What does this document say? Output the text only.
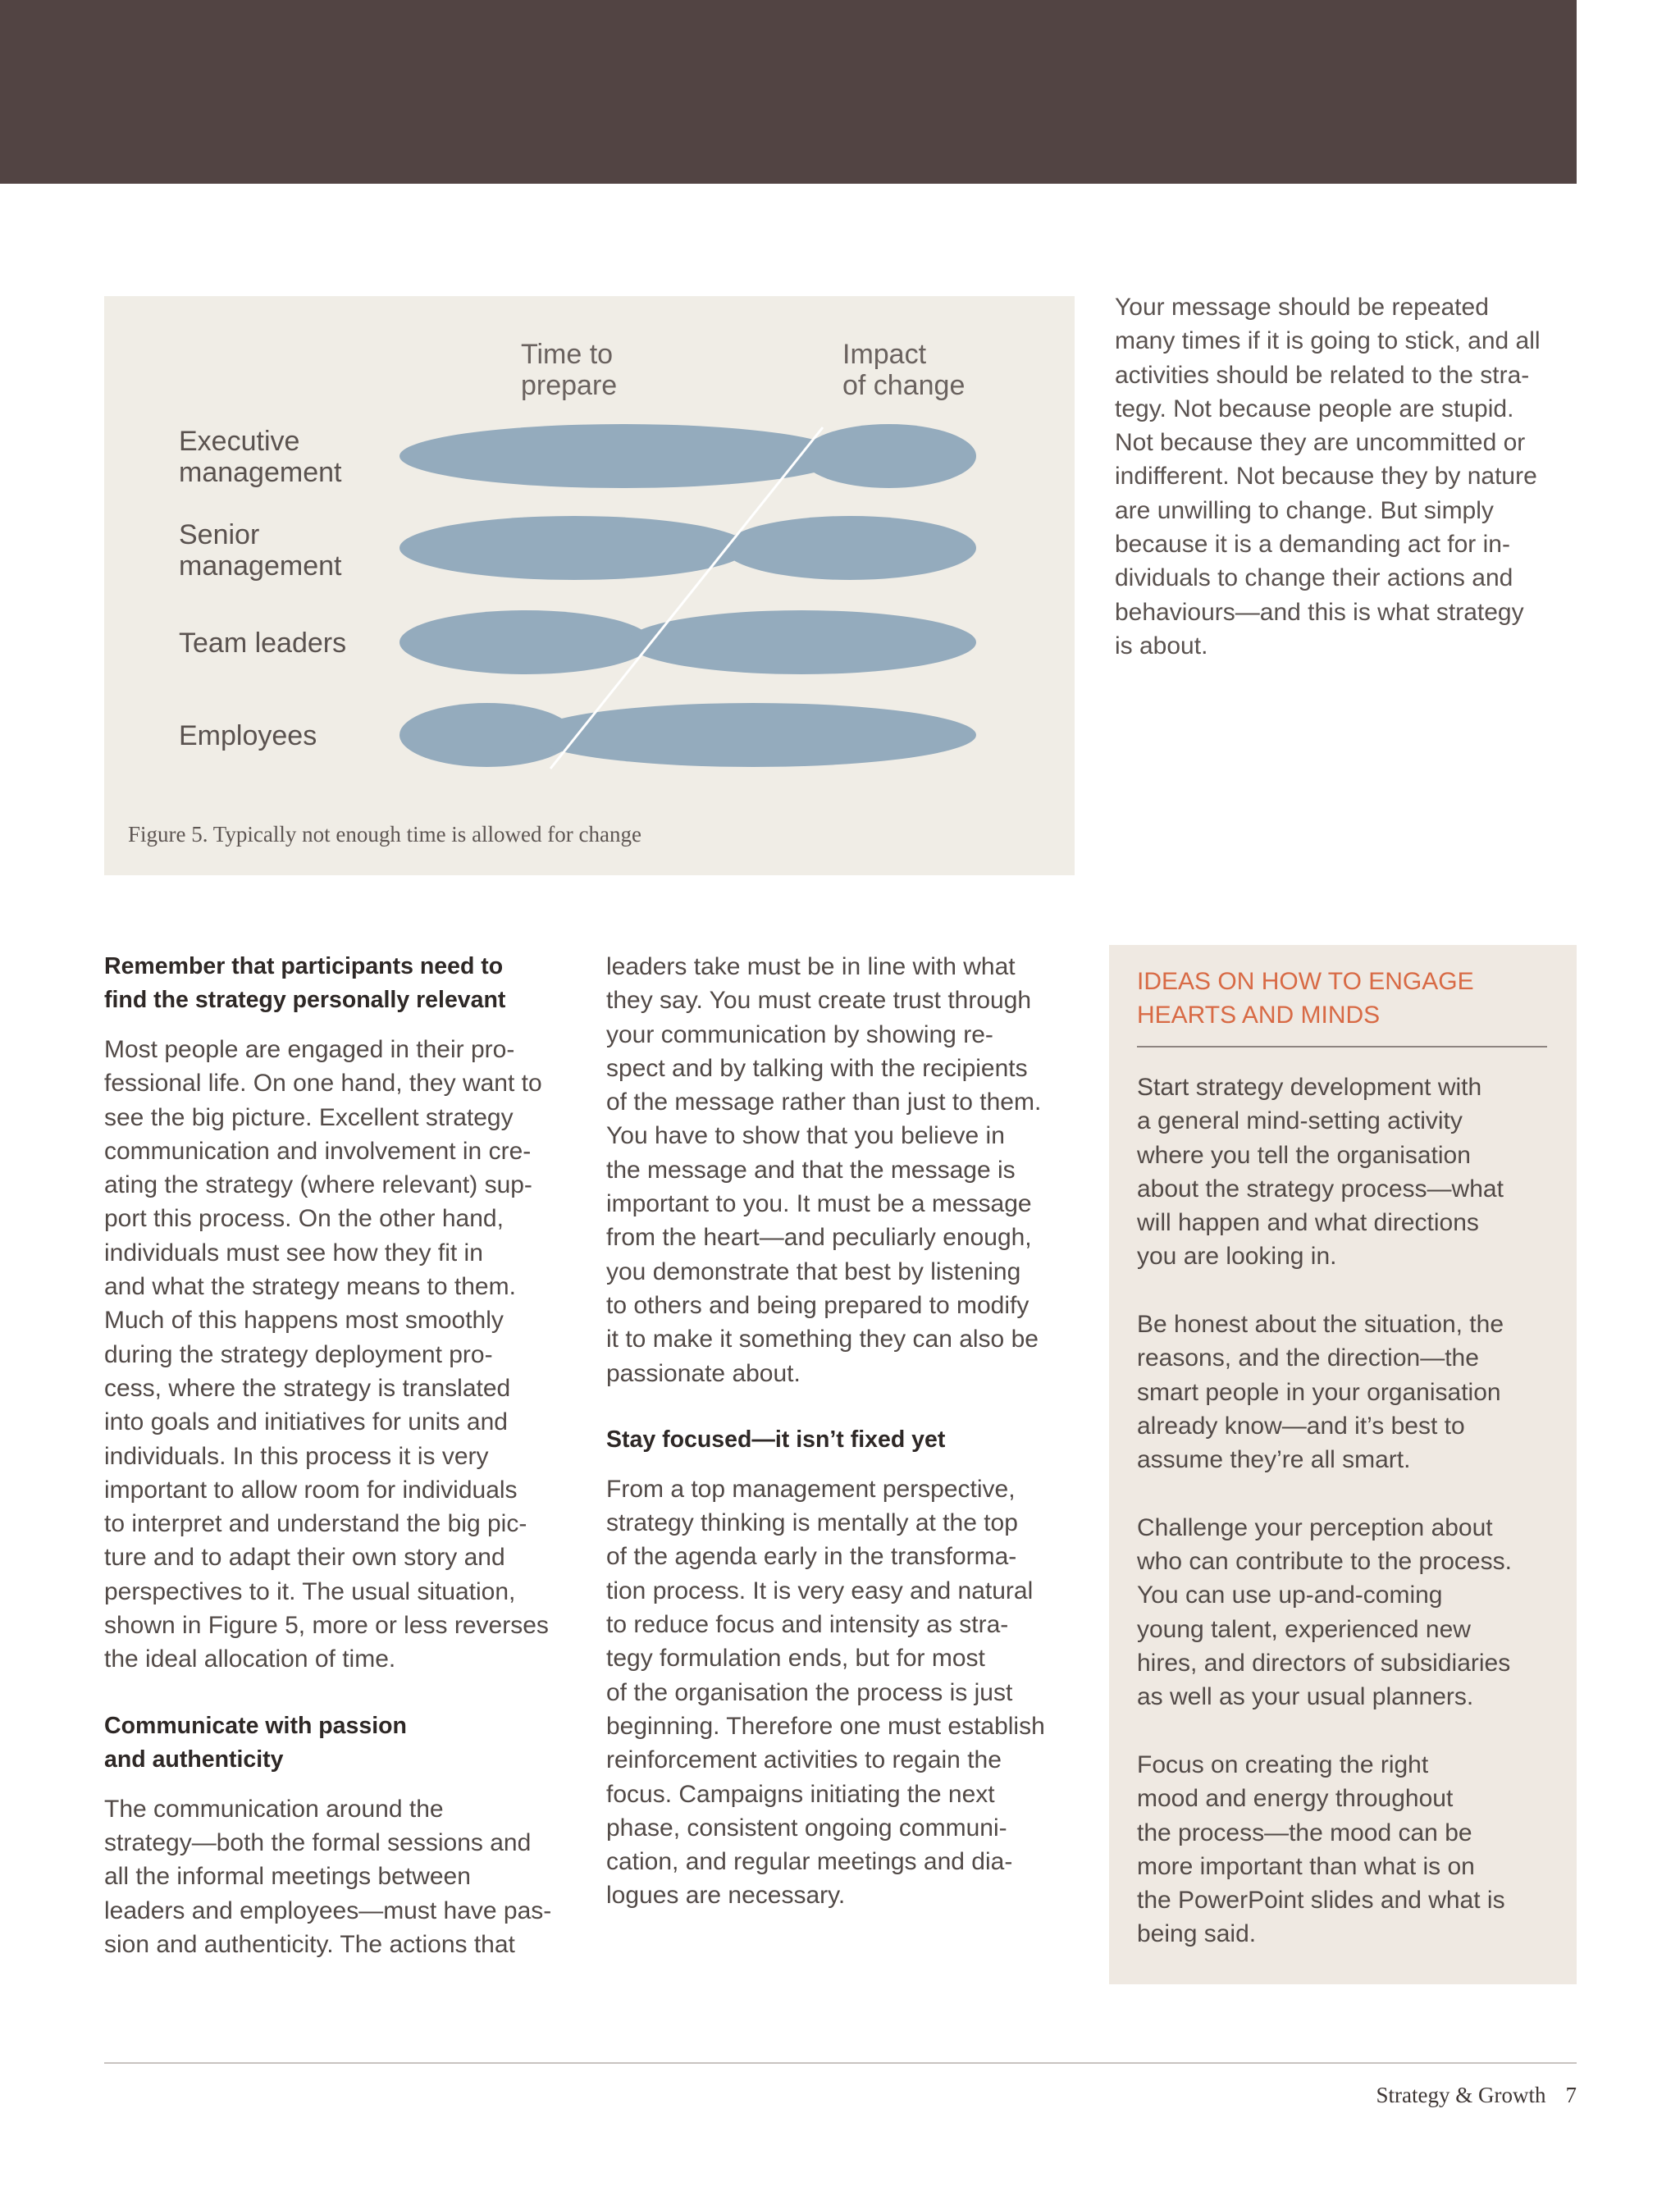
Time to
prepare
Impact
of change
Executive
management
Senior
management
Team leaders
Employees
Figure 5. Typically not enough time is allowed for change

Your message should be repeated
many times if it is going to stick, and all
activities should be related to the stra-
tegy. Not because people are stupid.
Not because they are uncommitted or
indifferent. Not because they by nature
are unwilling to change. But simply
because it is a demanding act for in-
dividuals to change their actions and
behaviours—and this is what strategy
is about.

Remember that participants need to
find the strategy personally relevant

Most people are engaged in their pro-
fessional life. On one hand, they want to
see the big picture. Excellent strategy
communication and involvement in cre-
ating the strategy (where relevant) sup-
port this process. On the other hand,
individuals must see how they fit in
and what the strategy means to them.
Much of this happens most smoothly
during the strategy deployment pro-
cess, where the strategy is translated
into goals and initiatives for units and
individuals. In this process it is very
important to allow room for individuals
to interpret and understand the big pic-
ture and to adapt their own story and
perspectives to it. The usual situation,
shown in Figure 5, more or less reverses
the ideal allocation of time.

Communicate with passion
and authenticity

The communication around the
strategy—both the formal sessions and
all the informal meetings between
leaders and employees—must have pas-
sion and authenticity. The actions that

leaders take must be in line with what
they say. You must create trust through
your communication by showing re-
spect and by talking with the recipients
of the message rather than just to them.
You have to show that you believe in
the message and that the message is
important to you. It must be a message
from the heart—and peculiarly enough,
you demonstrate that best by listening
to others and being prepared to modify
it to make it something they can also be
passionate about.

Stay focused—it isn’t fixed yet

From a top management perspective,
strategy thinking is mentally at the top
of the agenda early in the transforma-
tion process. It is very easy and natural
to reduce focus and intensity as stra-
tegy formulation ends, but for most
of the organisation the process is just
beginning. Therefore one must establish
reinforcement activities to regain the
focus. Campaigns initiating the next
phase, consistent ongoing communi-
cation, and regular meetings and dia-
logues are necessary.

IDEAS ON HOW TO ENGAGE
HEARTS AND MINDS
Start strategy development with
a general mind-setting activity
where you tell the organisation
about the strategy process—what
will happen and what directions
you are looking in.
Be honest about the situation, the
reasons, and the direction—the
smart people in your organisation
already know—and it’s best to
assume they’re all smart.
Challenge your perception about
who can contribute to the process.
You can use up-and-coming
young talent, experienced new
hires, and directors of subsidiaries
as well as your usual planners.
Focus on creating the right
mood and energy throughout
the process—the mood can be
more important than what is on
the PowerPoint slides and what is
being said.
Strategy & Growth 7
